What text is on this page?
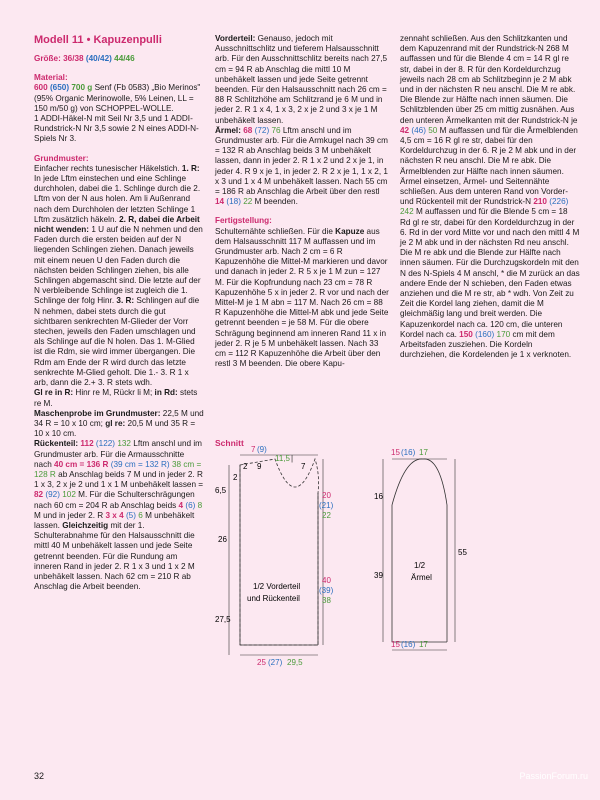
Modell 11 • Kapuzenpulli
Größe: 36/38 (40/42) 44/46

Material:

600 (650) 700 g Senf (Fb 0583) „Bio Merinos" (95% Organic Merinowolle, 5% Leinen, LL = 150 m/50 g) von SCHOPPEL-WOLLE.

1 ADDI-Häkel-N mit Seil Nr 3,5 und 1 ADDI-Rundstrick-N Nr 3,5 sowie 2 N eines ADDI-N-Spiels Nr 3.

Grundmuster:

Einfacher rechts tunesischer Häkelstich. 1. R: In jede Lftm einstechen und eine Schlinge durchholen, dabei die 1. Schlinge durch die 2. Lftm von der N aus holen. Am li Außenrand nach dem Durchholen der letzten Schlinge 1 Lftm zusätzlich häkeln. 2. R, dabei die Arbeit nicht wenden: 1 U auf die N nehmen und den Faden durch die ersten beiden auf der N liegenden Schlingen ziehen. Danach jeweils mit einem neuen U den Faden durch die nächsten beiden Schlingen ziehen, bis alle Schlingen abgemascht sind. Die letzte auf der N verbleibende Schlinge ist zugleich die 1. Schlinge der folg Hinr. 3. R: Schlingen auf die N nehmen, dabei stets durch die gut sichtbaren senkrechten M-Glieder der Vorr stechen, jeweils den Faden umschlagen und als Schlinge auf die N holen. Das 1. M-Glied ist die Rdm, sie wird immer übergangen. Die Rdm am Ende der R wird durch das letzte senkrechte M-Glied geholt. Die 1.- 3. R 1 x arb, dann die 2.+ 3. R stets wdh.

Gl re in R: Hinr re M, Rückr li M; in Rd: stets re M.

Maschenprobe im Grundmuster: 22,5 M und 34 R = 10 x 10 cm; gl re: 20,5 M und 35 R = 10 x 10 cm.

Rückenteil: 112 (122) 132 Lftm anschl und im Grundmuster arb. Für die Armausschnitte nach 40 cm = 136 R (39 cm = 132 R) 38 cm = 128 R ab Anschlag beids 7 M und in jeder 2. R 1 x 3, 2 x je 2 und 1 x 1 M unbehäkelt lassen = 82 (92) 102 M. Für die Schulterschrägungen nach 60 cm = 204 R ab Anschlag beids 4 (6) 8 M und in jeder 2. R 3 x 4 (5) 6 M unbehäkelt lassen. Gleichzeitig mit der 1. Schulterabnahme für den Halsausschnitt die mittl 40 M unbehäkelt lassen und jede Seite getrennt beenden. Für die Rundung am inneren Rand in jeder 2. R 1 x 3 und 1 x 2 M unbehäkelt lassen. Nach 62 cm = 210 R ab Anschlag die Arbeit beenden.

Vorderteil: Genauso, jedoch mit Ausschnittschlitz und tieferem Halsausschnitt arb. Für den Ausschnittschlitz bereits nach 27,5 cm = 94 R ab Anschlag die mittl 10 M unbehäkelt lassen und jede Seite getrennt beenden. Für den Halsausschnitt nach 26 cm = 88 R Schlitzhöhe am Schlitzrand je 6 M und in jeder 2. R 1 x 4, 1 x 3, 2 x je 2 und 3 x je 1 M unbehäkelt lassen.

Ärmel: 68 (72) 76 Lftm anschl und im Grundmuster arb. Für die Armkugel nach 39 cm = 132 R ab Anschlag beids 3 M unbehäkelt lassen, dann in jeder 2. R 1 x 2 und 2 x je 1, in jeder 4. R 9 x je 1, in jeder 2. R 2 x je 1, 1 x 2, 1 x 3 und 1 x 4 M unbehäkelt lassen. Nach 55 cm = 186 R ab Anschlag die Arbeit über den restl 14 (18) 22 M beenden.

Fertigstellung:

Schulternähte schließen. Für die Kapuze aus dem Halsausschnitt 117 M auffassen und im Grundmuster arb. Nach 2 cm = 6 R Kapuzenhöhe die Mittel-M markieren und davor und danach in jeder 2. R 5 x je 1 M zun = 127 M. Für die Kopfrundung nach 23 cm = 78 R Kapuzenhöhe 5 x in jeder 2. R vor und nach der Mittel-M je 1 M abn = 117 M. Nach 26 cm = 88 R Kapuzenhöhe die Mittel-M abk und jede Seite getrennt beenden = je 58 M. Für die obere Schrägung beginnend am inneren Rand 11 x in jeder 2. R je 5 M unbehäkelt lassen. Nach 33 cm = 112 R Kapuzenhöhe die Arbeit über den restl 3 M beenden. Die obere Kapu-

zennaht schließen. Aus den Schlitzkanten und dem Kapuzenrand mit der Rundstrick-N 268 M auffassen und für die Blende 4 cm = 14 R gl re str, dabei in der 8. R für den Kordeldurchzug jeweils nach 28 cm ab Schlitzbeginn je 2 M abk und in der nächsten R neu anschl. Die M re abk. Die Blende zur Hälfte nach innen säumen. Die Schlitzblenden über 25 cm mittig zusnähen. Aus den unteren Ärmelkanten mit der Rundstrick-N je 42 (46) 50 M auffassen und für die Ärmelblenden 4,5 cm = 16 R gl re str, dabei für den Kordeldurchzug in der 6. R je 2 M abk und in der nächsten R neu anschl. Die M re abk. Die Ärmelblenden zur Hälfte nach innen säumen. Ärmel einsetzen, Ärmel- und Seitennähte schließen. Aus dem unteren Rand von Vorder- und Rückenteil mit der Rundstrick-N 210 (226) 242 M auffassen und für die Blende 5 cm = 18 Rd gl re str, dabei für den Kordeldurchzug in der 6. Rd in der vord Mitte vor und nach den mittl 4 M je 2 M abk und in der nächsten Rd neu anschl. Die M re abk und die Blende zur Hälfte nach innen säumen. Für die Durchzugskordeln mit den N des N-Spiels 4 M anschl, * die M zurück an das andere Ende der N schieben, den Faden etwas anziehen und die M re str, ab * wdh. Von Zeit zu Zeit die Kordel lang ziehen, damit die M gleichmäßig lang und breit werden. Die Kapuzenkordel nach ca. 120 cm, die unteren Kordel nach ca. 150 (160) 170 cm mit dem Arbeitsfaden zusziehen. Die Kordeln durchziehen, die Kordelenden je 1 x verknoten.

Schnitt
7 (9)
11,5 |
2 9	7
2
6,5
26
27,5
20
(21)
22
40
(39)
38
1/2 Vorderteil
und Rückenteil
25 (27) 29,5
15 (16) 17
16
39
55
1/2
Ärmel
15 (16) 17
32	PassionForum.ru
